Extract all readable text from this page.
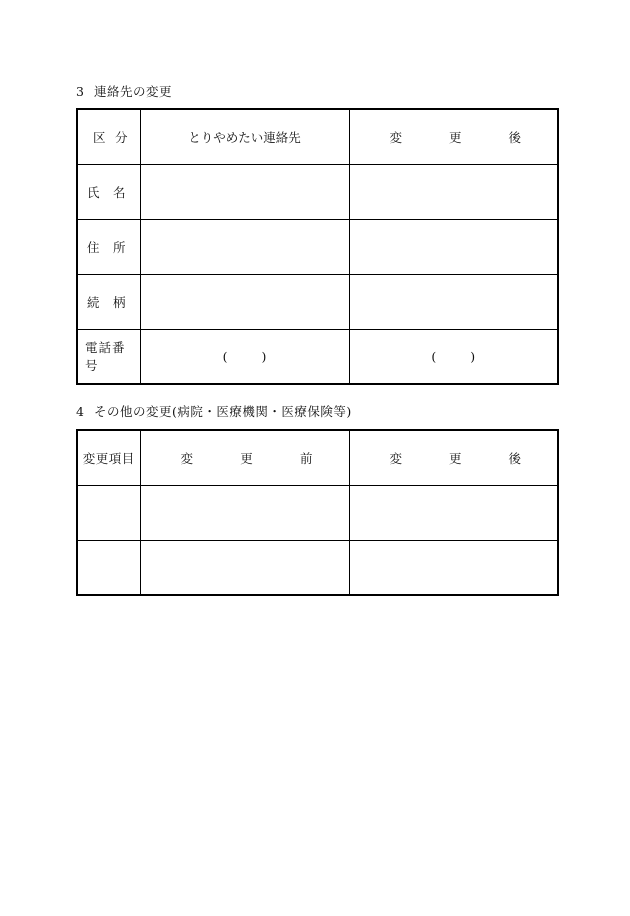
3 連絡先の変更
区 分	とりやめたい連絡先	変 更 後

氏 名		

住 所		

続 柄		

電話番号	( )	( )
4 その他の変更(病院・医療機関・医療保険等)
変更項目	変 更 前	変 更 後
